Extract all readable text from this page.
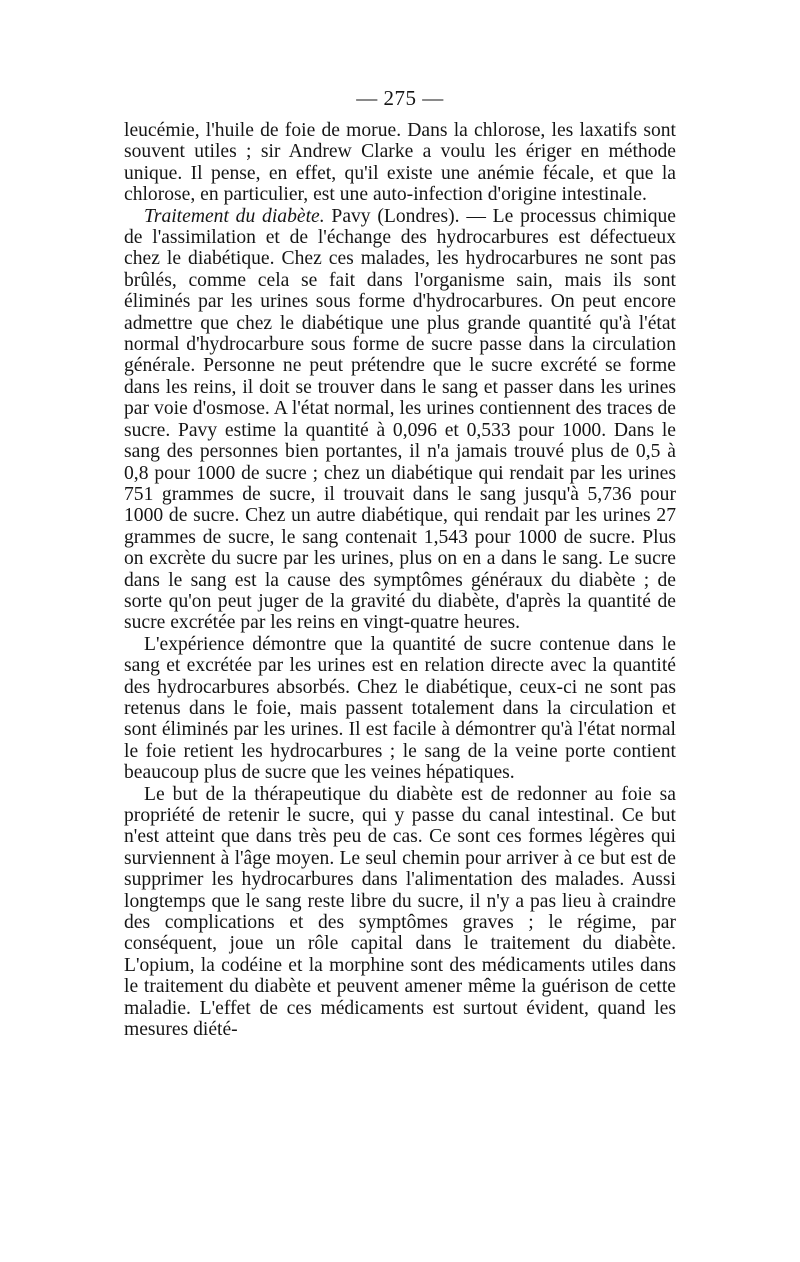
— 275 —

leucémie, l'huile de foie de morue. Dans la chlorose, les laxatifs sont souvent utiles ; sir Andrew Clarke a voulu les ériger en méthode unique. Il pense, en effet, qu'il existe une anémie fécale, et que la chlorose, en particulier, est une auto-infection d'origine intestinale.

Traitement du diabète. Pavy (Londres). — Le processus chimique de l'assimilation et de l'échange des hydrocarbures est défectueux chez le diabétique. Chez ces malades, les hydrocarbures ne sont pas brûlés, comme cela se fait dans l'organisme sain, mais ils sont éliminés par les urines sous forme d'hydrocarbures. On peut encore admettre que chez le diabétique une plus grande quantité qu'à l'état normal d'hydrocarbure sous forme de sucre passe dans la circulation générale. Personne ne peut prétendre que le sucre excrété se forme dans les reins, il doit se trouver dans le sang et passer dans les urines par voie d'osmose. A l'état normal, les urines contiennent des traces de sucre. Pavy estime la quantité à 0,096 et 0,533 pour 1000. Dans le sang des personnes bien portantes, il n'a jamais trouvé plus de 0,5 à 0,8 pour 1000 de sucre ; chez un diabétique qui rendait par les urines 751 grammes de sucre, il trouvait dans le sang jusqu'à 5,736 pour 1000 de sucre. Chez un autre diabétique, qui rendait par les urines 27 grammes de sucre, le sang contenait 1,543 pour 1000 de sucre. Plus on excrète du sucre par les urines, plus on en a dans le sang. Le sucre dans le sang est la cause des symptômes généraux du diabète ; de sorte qu'on peut juger de la gravité du diabète, d'après la quantité de sucre excrétée par les reins en vingt-quatre heures.

L'expérience démontre que la quantité de sucre contenue dans le sang et excrétée par les urines est en relation directe avec la quantité des hydrocarbures absorbés. Chez le diabétique, ceux-ci ne sont pas retenus dans le foie, mais passent totalement dans la circulation et sont éliminés par les urines. Il est facile à démontrer qu'à l'état normal le foie retient les hydrocarbures ; le sang de la veine porte contient beaucoup plus de sucre que les veines hépatiques.

Le but de la thérapeutique du diabète est de redonner au foie sa propriété de retenir le sucre, qui y passe du canal intestinal. Ce but n'est atteint que dans très peu de cas. Ce sont ces formes légères qui surviennent à l'âge moyen. Le seul chemin pour arriver à ce but est de supprimer les hydrocarbures dans l'alimentation des malades. Aussi longtemps que le sang reste libre du sucre, il n'y a pas lieu à craindre des complications et des symptômes graves ; le régime, par conséquent, joue un rôle capital dans le traitement du diabète. L'opium, la codéine et la morphine sont des médicaments utiles dans le traitement du diabète et peuvent amener même la guérison de cette maladie. L'effet de ces médicaments est surtout évident, quand les mesures diété-
